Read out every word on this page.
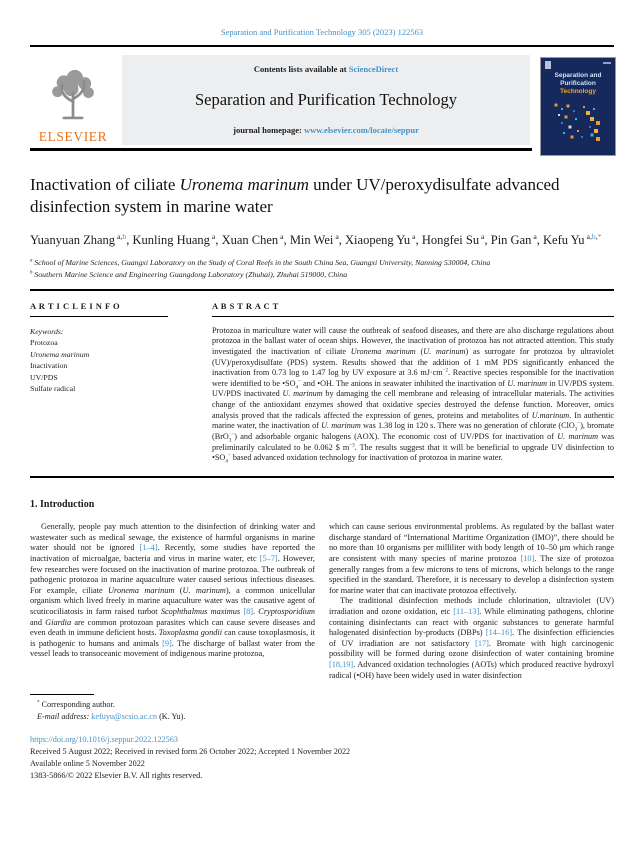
Separation and Purification Technology 305 (2023) 122563
ELSEVIER
Contents lists available at ScienceDirect
Separation and Purification Technology
journal homepage: www.elsevier.com/locate/seppur
Inactivation of ciliate Uronema marinum under UV/peroxydisulfate advanced disinfection system in marine water
Yuanyuan Zhang $^{a,b}$, Kunling Huang $^a$, Xuan Chen $^a$, Min Wei $^a$, Xiaopeng Yu $^a$, Hongfei Su $^a$, Pin Gan $^a$, Kefu Yu $^{a,b,*}$
$^a$ School of Marine Sciences, Guangxi Laboratory on the Study of Coral Reefs in the South China Sea, Guangxi University, Nanning 530004, China
$^b$ Southern Marine Science and Engineering Guangdong Laboratory (Zhuhai), Zhuhai 519000, China
A R T I C L E I N F O
Keywords:
Protozoa
Uronema marinum
Inactivation
UV/PDS
Sulfate radical
A B S T R A C T
Protozoa in mariculture water will cause the outbreak of seafood diseases, and there are also discharge regulations about protozoa in the ballast water of ocean ships. However, the inactivation of protozoa has not attracted attention. This study investigated the inactivation of ciliate Uronema marinum (U. marinum) as surrogate for protozoa by ultraviolet (UV)/peroxydisulfate (PDS) system. Results showed that the addition of 1 mM PDS significantly enhanced the inactivation from 0.73 log to 1.47 log by UV exposure at 3.6 $mJ\cdot cm^{-2}$. Reactive species responsible for the inactivation were identified to be $•SO_4^-$ and •OH. The anions in seawater inhibited the inactivation of U. marinum in UV/PDS system. UV/PDS inactivated U. marinum by damaging the cell membrane and releasing of intracellular materials. The activities change of the antioxidant enzymes showed that oxidative species destroyed the defense function. Moreover, omics analysis proved that the radicals affected the expression of genes, proteins and metabolites of U.marinum. In authentic marine water, the inactivation of U. marinum was 1.38 log in 120 s. There was no generation of chlorate (ClO$_3$−), bromate (BrO$_3$−) and adsorbable organic halogens (AOX). The economic cost of UV/PDS for inactivation of U. marinum was preliminarily calculated to be 0.062 $ $m^{-3}$. The results suggest that it will be beneficial to upgrade UV disinfection to $•SO_4^-$ based advanced oxidation technology for inactivation of protozoa in marine water.
1. Introduction

Generally, people pay much attention to the disinfection of drinking water and wastewater such as medical sewage, the existence of harmful organisms in marine water should not be ignored [1–4]. Recently, some studies have reported the inactivation of microalgae, bacteria and virus in marine water, etc [5–7]. However, few researches were focused on the inactivation of marine protozoa. The outbreak of pathogenic protozoa in marine aquaculture water caused serious infectious diseases. For example, ciliate Uronema marinum (U. marinum), a common unicellular organism which lived freely in marine aquaculture water was the causative agent of scuticociliatosis in farm raised turbot Scophthalmus maximus [8]. Cryptosporidium and Giardia are common protozoan parasites which can cause severe diseases and even death in immune deficient hosts. Toxoplasma gondii can cause toxoplasmosis, it is pathogenic to humans and animals [9]. The discharge of ballast water from the vessel leads to transoceanic movement of indigenous marine protozoa,

which can cause serious environmental problems. As regulated by the ballast water discharge standard of “International Maritime Organization (IMO)”, there should be no more than 10 organisms per milliliter with body length of 10–50 μm which range are consistent with many species of marine protozoa [10]. The size of protozoa generally ranges from a few microns to tens of microns, which belongs to the range specified in the standard. Therefore, it is necessary to develop a disinfection system for marine water that can inactivate protozoa effectively.

The traditional disinfection methods include chlorination, ultraviolet (UV) irradiation and ozone oxidation, etc [11–13]. While eliminating pathogens, chlorine containing disinfectants can react with organic substances to generate harmful halogenated disinfection by-products (DBPs) [14–16]. The disinfection efficiencies of UV irradiation are not satisfactory [17]. Bromate with high carcinogenic possibility will be formed during ozone disinfection of water containing bromine [18,19]. Advanced oxidation technologies (AOTs) which produced reactive hydroxyl radical (•OH) have been widely used in water disinfection

* Corresponding author.
E-mail address: kefuyu@scsio.ac.cn (K. Yu).
https://doi.org/10.1016/j.seppur.2022.122563
Received 5 August 2022; Received in revised form 26 October 2022; Accepted 1 November 2022
Available online 5 November 2022
1383-5866/© 2022 Elsevier B.V. All rights reserved.
Separation and
Purification
Technology
